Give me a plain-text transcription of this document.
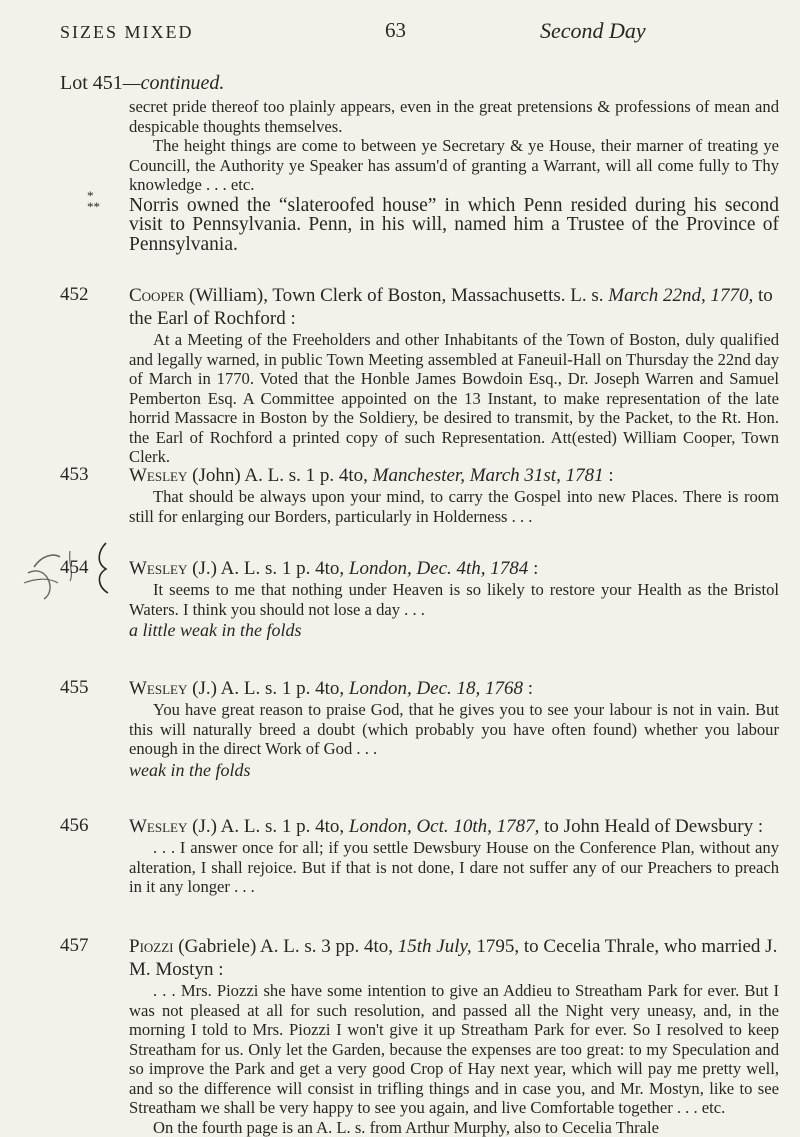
SIZES MIXED	63	Second Day
Lot 451—continued.

secret pride thereof too plainly appears, even in the great pretensions & professions of mean and despicable thoughts themselves.

The height things are come to between ye Secretary & ye House, their marner of treating ye Councill, the Authority ye Speaker has assum'd of granting a Warrant, will all come fully to Thy knowledge . . . etc.

*
** Norris owned the “slateroofed house” in which Penn resided during his second visit to Pennsylvania. Penn, in his will, named him a Trustee of the Province of Pennsylvania.

452	Cooper (William), Town Clerk of Boston, Massachusetts. L. s. March 22nd, 1770, to the Earl of Rochford :

At a Meeting of the Freeholders and other Inhabitants of the Town of Boston, duly qualified and legally warned, in public Town Meeting assembled at Faneuil-Hall on Thursday the 22nd day of March in 1770. Voted that the Honble James Bowdoin Esq., Dr. Joseph Warren and Samuel Pemberton Esq. A Committee appointed on the 13 Instant, to make representation of the late horrid Massacre in Boston by the Soldiery, be desired to transmit, by the Packet, to the Rt. Hon. the Earl of Rochford a printed copy of such Representation. Att(ested) William Cooper, Town Clerk.

453	Wesley (John) A. L. s. 1 p. 4to, Manchester, March 31st, 1781 :

That should be always upon your mind, to carry the Gospel into new Places. There is room still for enlarging our Borders, particularly in Holderness . . .

454	Wesley (J.) A. L. s. 1 p. 4to, London, Dec. 4th, 1784 :

It seems to me that nothing under Heaven is so likely to restore your Health as the Bristol Waters. I think you should not lose a day . . .

a little weak in the folds

455	Wesley (J.) A. L. s. 1 p. 4to, London, Dec. 18, 1768 :

You have great reason to praise God, that he gives you to see your labour is not in vain. But this will naturally breed a doubt (which probably you have often found) whether you labour enough in the direct Work of God . . .

weak in the folds

456	Wesley (J.) A. L. s. 1 p. 4to, London, Oct. 10th, 1787, to John Heald of Dewsbury :

. . . I answer once for all; if you settle Dewsbury House on the Conference Plan, without any alteration, I shall rejoice. But if that is not done, I dare not suffer any of our Preachers to preach in it any longer . . .

457	Piozzi (Gabriele) A. L. s. 3 pp. 4to, 15th July, 1795, to Cecelia Thrale, who married J. M. Mostyn :

. . . Mrs. Piozzi she have some intention to give an Addieu to Streatham Park for ever. But I was not pleased at all for such resolution, and passed all the Night very uneasy, and, in the morning I told to Mrs. Piozzi I won't give it up Streatham Park for ever. So I resolved to keep Streatham for us. Only let the Garden, because the expenses are too great: to my Speculation and so improve the Park and get a very good Crop of Hay next year, which will pay me pretty well, and so the difference will consist in trifling things and in case you, and Mr. Mostyn, like to see Streatham we shall be very happy to see you again, and live Comfortable together . . . etc.

On the fourth page is an A. L. s. from Arthur Murphy, also to Cecelia Thrale
